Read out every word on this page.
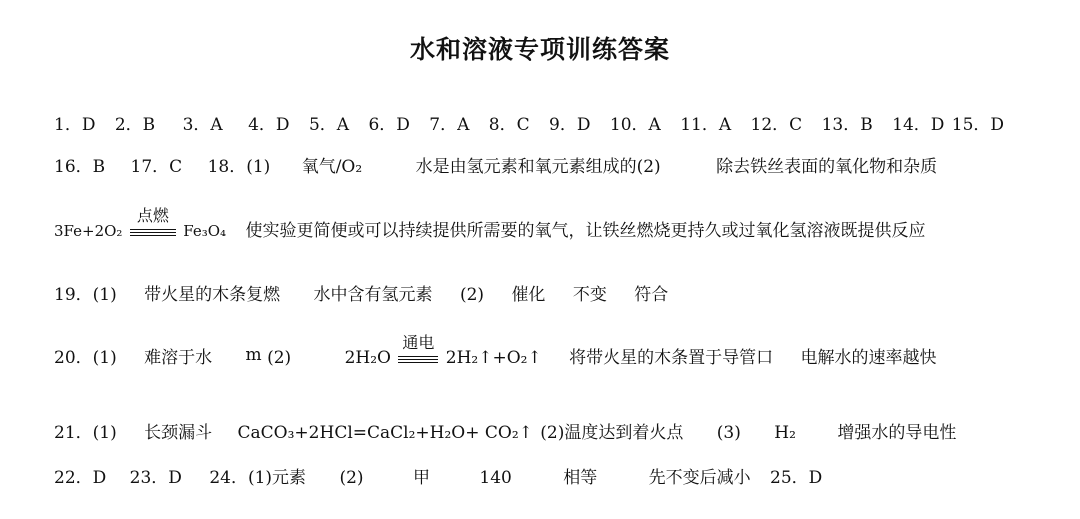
水和溶液专项训练答案
1．D 2．B 3．A 4．D 5．A 6．D 7．A 8．C 9．D 10．A 11．A 12．C 13．B 14．D 15．D
16．B 17．C 18．(1) 氧气/O₂	水是由氢元素和氧元素组成的(2)	除去铁丝表面的氧化物和杂质
3Fe+2O₂
点燃
Fe₃O₄ 使实验更简便或可以持续提供所需要的氧气，让铁丝燃烧更持久或过氧化氢溶液既提供反应
19．(1) 带火星的木条复燃 水中含有氢元素 (2) 催化 不变 符合
20．(1) 难溶于水 m (2)	2H₂O
通电
2H₂↑+O₂↑ 将带火星的木条置于导管口 电解水的速率越快
21．(1) 长颈漏斗 CaCO₃+2HCl=CaCl₂+H₂O+ CO₂↑ (2)温度达到着火点 (3) H₂ 增强水的导电性
22．D 23．D 24．(1)元素 (2)	甲	140	相等	先不变后减小 25．D
